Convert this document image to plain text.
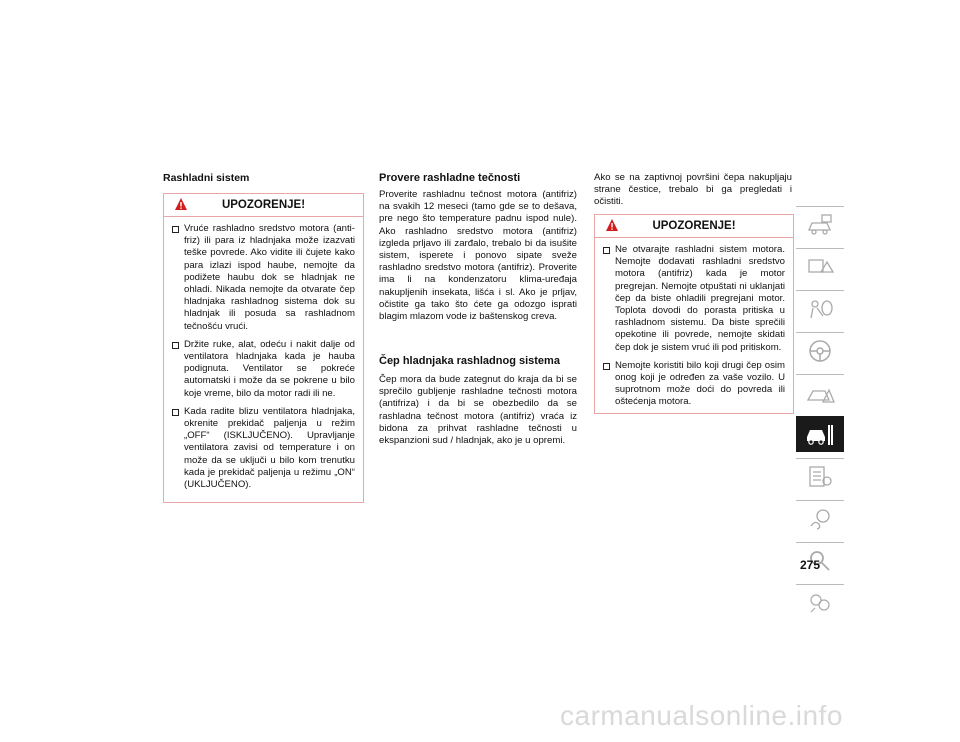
Rashladni sistem
UPOZORENJE!
Vruće rashladno sredstvo motora (anti-friz) ili para iz hladnjaka može izazvati teške povrede. Ako vidite ili čujete kako para izlazi ispod haube, nemojte da podižete haubu dok se hladnjak ne ohladi. Nikada nemojte da otvarate čep hladnjaka rashladnog sistema dok su hladnjak ili posuda sa rashladnom tečnošću vrući.
Držite ruke, alat, odeću i nakit dalje od ventilatora hladnjaka kada je hauba podignuta. Ventilator se pokreće automatski i može da se pokrene u bilo koje vreme, bilo da motor radi ili ne.
Kada radite blizu ventilatora hladnjaka, okrenite prekidač paljenja u režim „OFF“ (ISKLJUČENO). Upravljanje ventilatora zavisi od temperature i on može da se uključi u bilo kom trenutku kada je prekidač paljenja u režimu „ON“ (UKLJUČENO).
Provere rashladne tečnosti
Proverite rashladnu tečnost motora (antifriz) na svakih 12 meseci (tamo gde se to dešava, pre nego što temperature padnu ispod nule). Ako rashladno sredstvo motora (antifriz) izgleda prljavo ili zarđalo, trebalo bi da isušite sistem, isperete i ponovo sipate sveže rashladno sredstvo motora (antifriz). Proverite ima li na kondenzatoru klima-uređaja nakupljenih insekata, lišća i sl. Ako je prljav, očistite ga tako što ćete ga odozgo isprati blagim mlazom vode iz baštenskog creva.
Čep hladnjaka rashladnog sistema
Čep mora da bude zategnut do kraja da bi se sprečilo gubljenje rashladne tečnosti motora (antifriza) i da bi se obezbedilo da se rashladna tečnost motora (antifriz) vraća iz bidona za prihvat rashladne tečnosti u ekspanzioni sud / hladnjak, ako je u opremi.
Ako se na zaptivnoj površini čepa nakupljaju strane čestice, trebalo bi ga pregledati i očistiti.
UPOZORENJE!
Ne otvarajte rashladni sistem motora. Nemojte dodavati rashladni sredstvo motora (antifriz) kada je motor pregrejan. Nemojte otpuštati ni uklanjati čep da biste ohladili pregrejani motor. Toplota dovodi do porasta pritiska u rashladnom sistemu. Da biste sprečili opekotine ili povrede, nemojte skidati čep dok je sistem vruć ili pod pritiskom.
Nemojte koristiti bilo koji drugi čep osim onog koji je određen za vaše vozilo. U suprotnom može doći do povreda ili oštećenja motora.
275
carmanualsonline.info
